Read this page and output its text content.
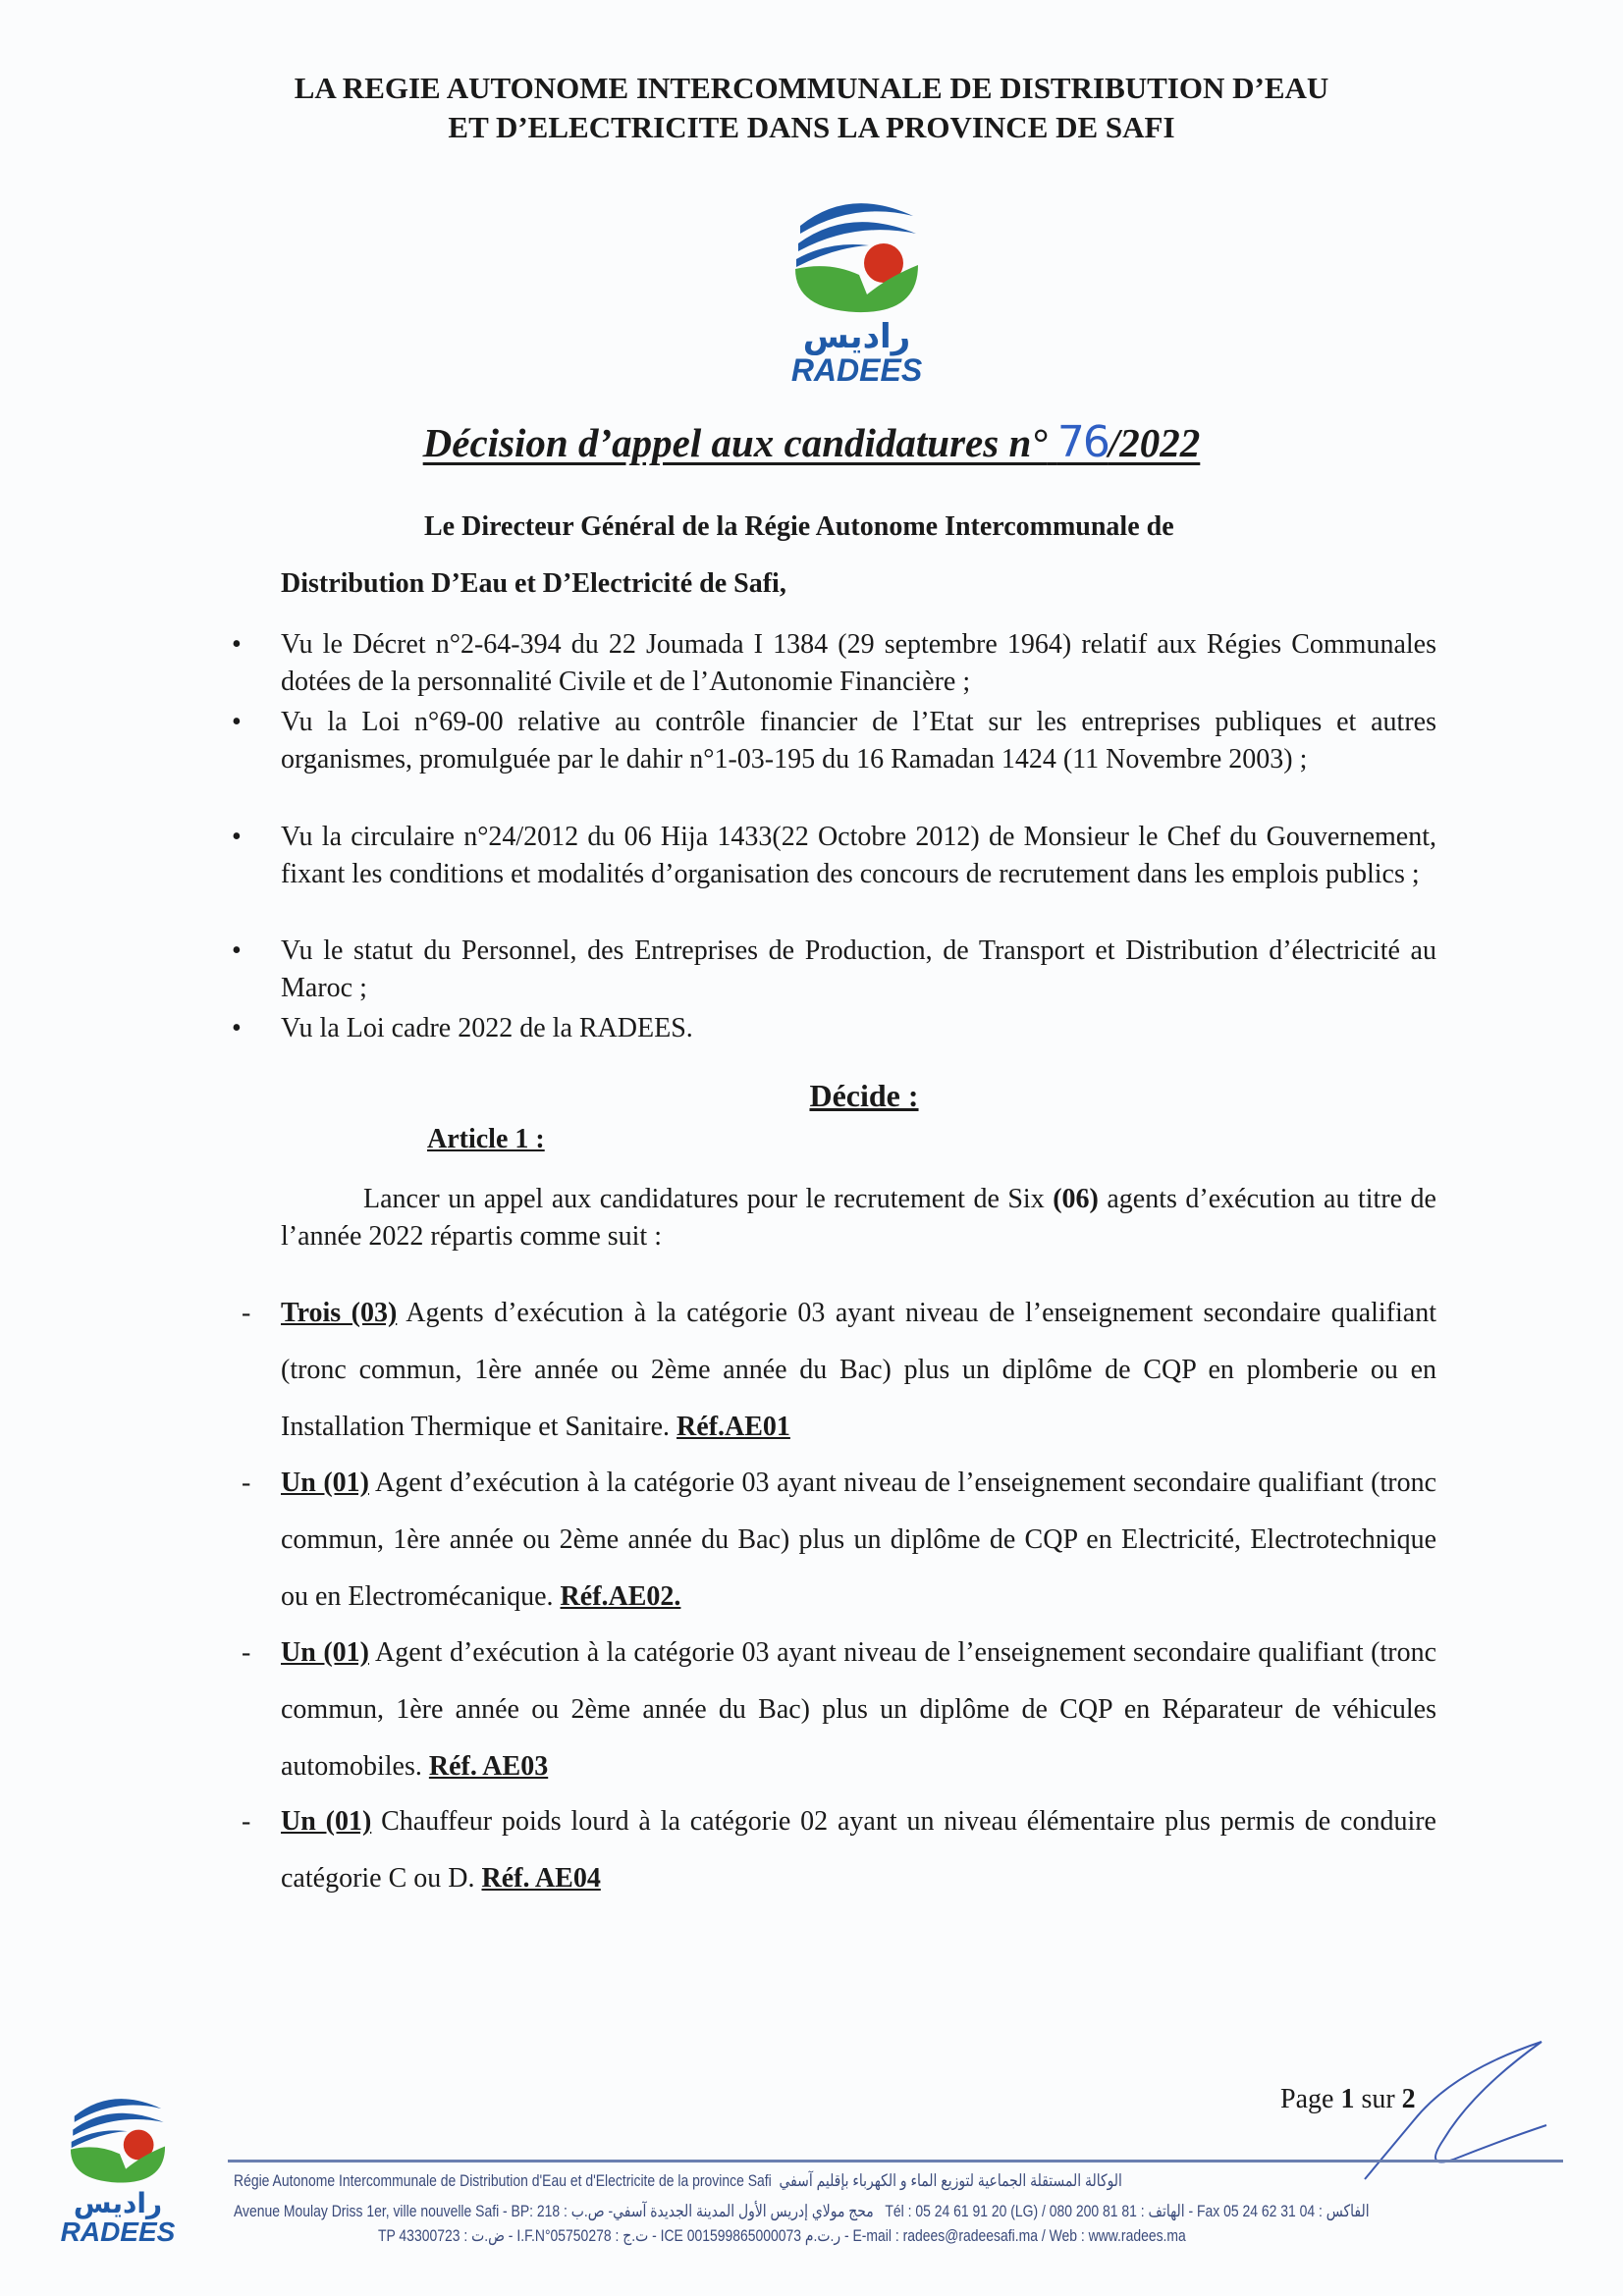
LA REGIE AUTONOME INTERCOMMUNALE DE DISTRIBUTION D’EAU
ET D’ELECTRICITE DANS LA PROVINCE DE SAFI
راديس
RADEES
Décision d’appel aux candidatures n° 76/2022
Le Directeur Général de la Régie Autonome Intercommunale de
Distribution D’Eau et D’Electricité de Safi,
• Vu le Décret n°2-64-394 du 22 Joumada I 1384 (29 septembre 1964) relatif aux Régies Communales dotées de la personnalité Civile et de l’Autonomie Financière ;
• Vu la Loi n°69-00 relative au contrôle financier de l’Etat sur les entreprises publiques et autres organismes, promulguée par le dahir n°1-03-195 du 16 Ramadan 1424 (11 Novembre 2003) ;
• Vu la circulaire n°24/2012 du 06 Hija 1433(22 Octobre 2012) de Monsieur le Chef du Gouvernement, fixant les conditions et modalités d’organisation des concours de recrutement dans les emplois publics ;
• Vu le statut du Personnel, des Entreprises de Production, de Transport et Distribution d’électricité au Maroc ;
• Vu la Loi cadre 2022 de la RADEES.
Décide :
Article 1 :
Lancer un appel aux candidatures pour le recrutement de Six (06) agents d’exécution au titre de l’année 2022 répartis comme suit :
- Trois (03) Agents d’exécution à la catégorie 03 ayant niveau de l’enseignement secondaire qualifiant (tronc commun, 1ère année ou 2ème année du Bac) plus un diplôme de CQP en plomberie ou en Installation Thermique et Sanitaire. Réf.AE01
- Un (01) Agent d’exécution à la catégorie 03 ayant niveau de l’enseignement secondaire qualifiant (tronc commun, 1ère année ou 2ème année du Bac) plus un diplôme de CQP en Electricité, Electrotechnique ou en Electromécanique. Réf.AE02.
- Un (01) Agent d’exécution à la catégorie 03 ayant niveau de l’enseignement secondaire qualifiant (tronc commun, 1ère année ou 2ème année du Bac) plus un diplôme de CQP en Réparateur de véhicules automobiles. Réf. AE03
- Un (01) Chauffeur poids lourd à la catégorie 02 ayant un niveau élémentaire plus permis de conduire catégorie C ou D. Réf. AE04
Page 1 sur 2
راديس
RADEES
Régie Autonome Intercommunale de Distribution d'Eau et d'Electricite de la province Safi الوكالة المستقلة الجماعية لتوزيع الماء و الكهرباء بإقليم آسفي
Avenue Moulay Driss 1er, ville nouvelle Safi - BP: 218 : محج مولاي إدريس الأول المدينة الجديدة آسفي- ص.ب Tél : 05 24 61 91 20 (LG) / 080 200 81 81 : الهاتف - Fax 05 24 62 31 04 : الفاكس
TP 43300723 : ض.ت - I.F.N°05750278 : ت.ج - ICE 001599865000073 ر.ت.م - E-mail : radees@radeesafi.ma / Web : www.radees.ma
